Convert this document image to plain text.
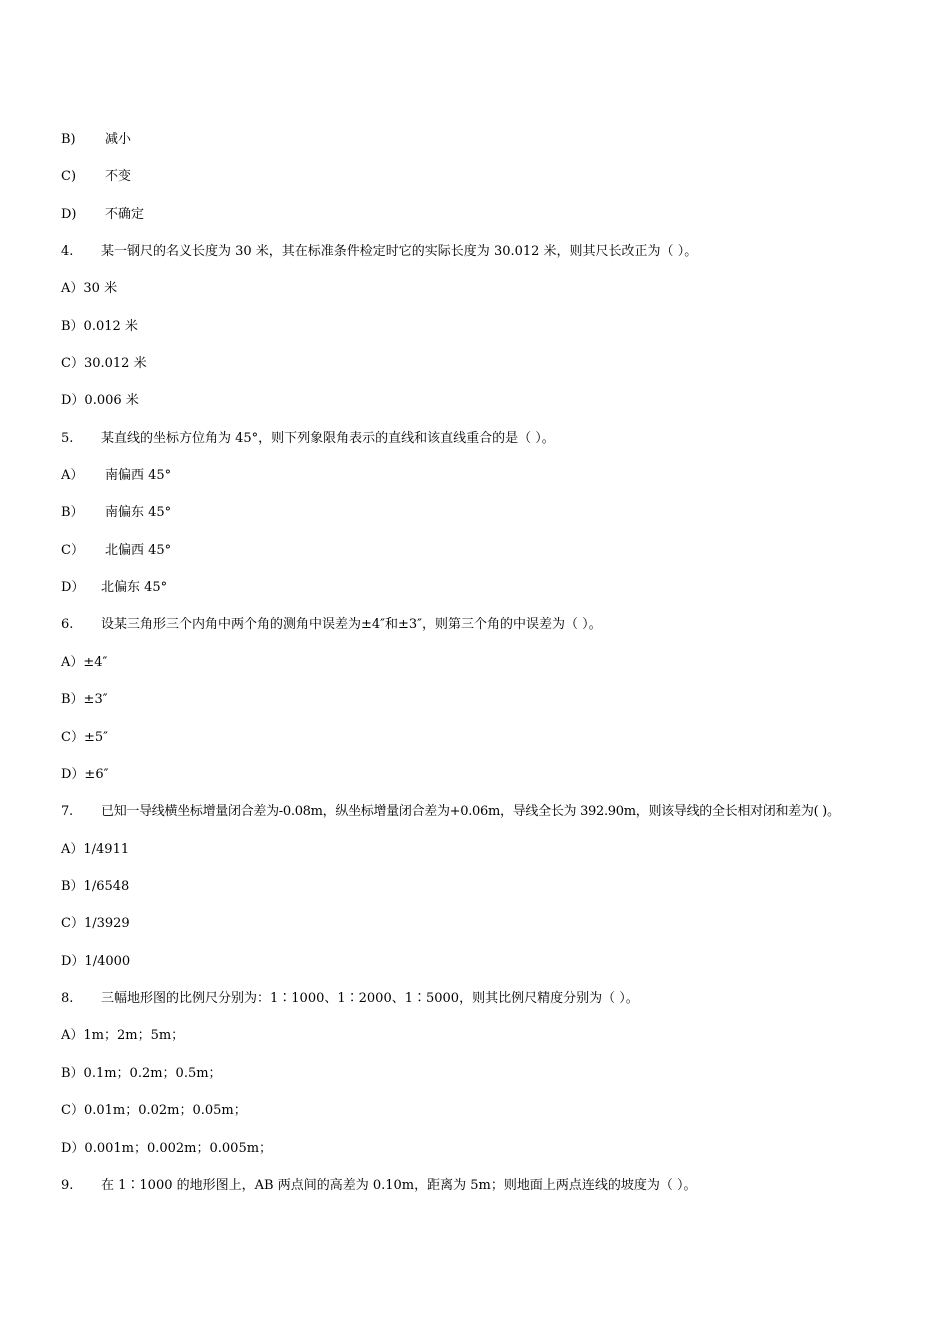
B) 减小
C) 不变
D) 不确定
4. 某一钢尺的名义长度为 30 米，其在标准条件检定时它的实际长度为 30.012 米，则其尺长改正为（ ）。
A）30 米
B）0.012 米
C）30.012 米
D）0.006 米
5. 某直线的坐标方位角为 45°，则下列象限角表示的直线和该直线重合的是（ ）。
A） 南偏西 45°
B） 南偏东 45°
C） 北偏西 45°
D） 北偏东 45°
6. 设某三角形三个内角中两个角的测角中误差为±4″和±3″，则第三个角的中误差为（ ）。
A）±4″
B）±3″
C）±5″
D）±6″
7. 已知一导线横坐标增量闭合差为-0.08m，纵坐标增量闭合差为+0.06m，导线全长为 392.90m，则该导线的全长相对闭和差为( )。
A）1/4911
B）1/6548
C）1/3929
D）1/4000
8. 三幅地形图的比例尺分别为：1∶1000、1∶2000、1∶5000，则其比例尺精度分别为（ ）。
A）1m；2m；5m；
B）0.1m；0.2m；0.5m；
C）0.01m；0.02m；0.05m；
D）0.001m；0.002m；0.005m；
9. 在 1∶1000 的地形图上，AB 两点间的高差为 0.10m，距离为 5m；则地面上两点连线的坡度为（ ）。
